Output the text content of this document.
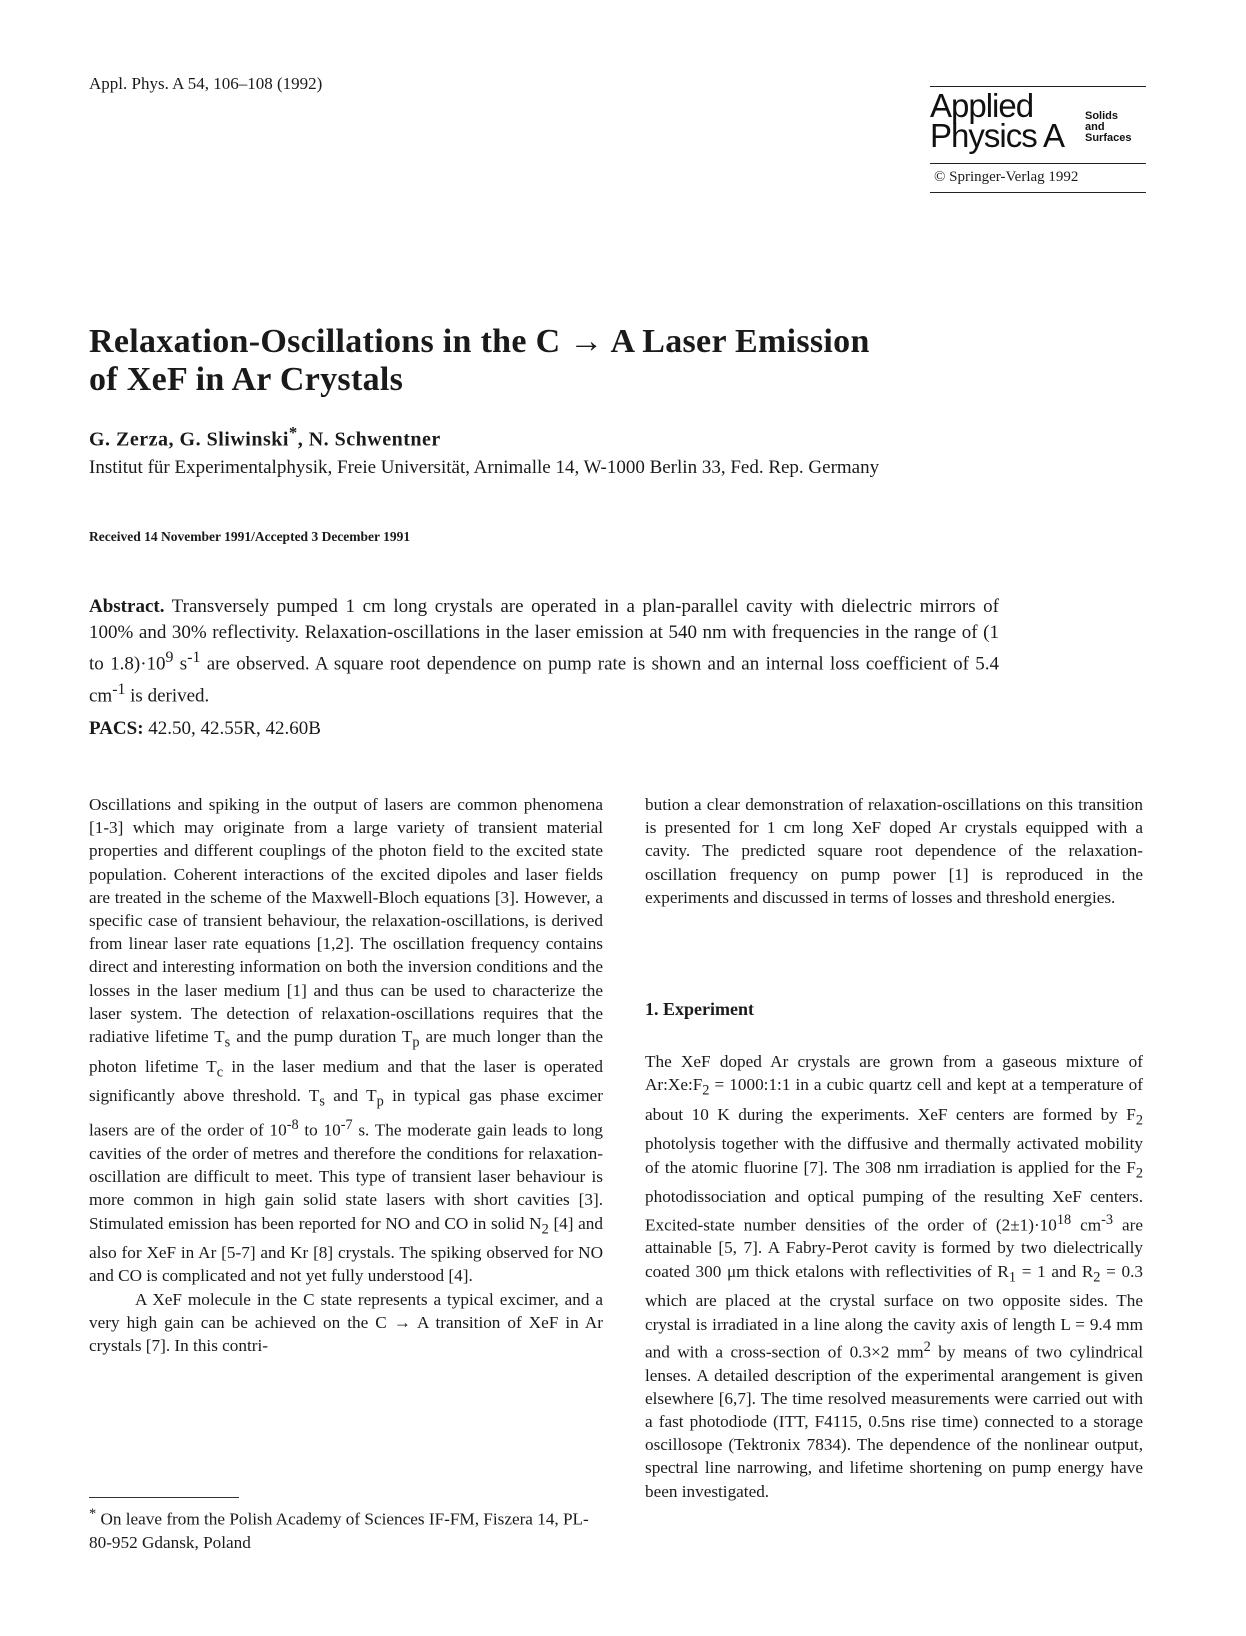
Appl. Phys. A 54, 106–108 (1992)
Applied
Physics A
Solids
and
Surfaces
© Springer-Verlag 1992
Relaxation-Oscillations in the C → A Laser Emission
of XeF in Ar Crystals
G. Zerza, G. Sliwinski*, N. Schwentner
Institut für Experimentalphysik, Freie Universität, Arnimalle 14, W-1000 Berlin 33, Fed. Rep. Germany
Received 14 November 1991/Accepted 3 December 1991
Abstract. Transversely pumped 1 cm long crystals are operated in a plan-parallel cavity with dielectric mirrors of 100% and 30% reflectivity. Relaxation-oscillations in the laser emission at 540 nm with frequencies in the range of (1 to $1.8)\cdot 10^9$ $s^{-1}$ are observed. A square root dependence on pump rate is shown and an internal loss coefficient of 5.4 $cm^{-1}$ is derived.
PACS: 42.50, 42.55R, 42.60B

Oscillations and spiking in the output of lasers are common phenomena [1-3] which may originate from a large variety of transient material properties and different couplings of the photon field to the excited state population. Coherent interactions of the excited dipoles and laser fields are treated in the scheme of the Maxwell-Bloch equations [3]. However, a specific case of transient behaviour, the relaxation-oscillations, is derived from linear laser rate equations [1,2]. The oscillation frequency contains direct and interesting information on both the inversion conditions and the losses in the laser medium [1] and thus can be used to characterize the laser system. The detection of relaxation-oscillations requires that the radiative lifetime $T_s$ and the pump duration $T_p$ are much longer than the photon lifetime $T_c$ in the laser medium and that the laser is operated significantly above threshold. $T_s$ and $T_p$ in typical gas phase excimer lasers are of the order of $10^{-8}$ to $10^{-7}$ s. The moderate gain leads to long cavities of the order of metres and therefore the conditions for relaxation-oscillation are difficult to meet. This type of transient laser behaviour is more common in high gain solid state lasers with short cavities [3]. Stimulated emission has been reported for NO and CO in solid $N_2$ [4] and also for XeF in Ar [5-7] and Kr [8] crystals. The spiking observed for NO and CO is complicated and not yet fully understood [4].

A XeF molecule in the C state represents a typical excimer, and a very high gain can be achieved on the C → A transition of XeF in Ar crystals [7]. In this contri-

bution a clear demonstration of relaxation-oscillations on this transition is presented for 1 cm long XeF doped Ar crystals equipped with a cavity. The predicted square root dependence of the relaxation-oscillation frequency on pump power [1] is reproduced in the experiments and discussed in terms of losses and threshold energies.

1. Experiment

The XeF doped Ar crystals are grown from a gaseous mixture of $Ar:Xe:F_2$ = 1000:1:1 in a cubic quartz cell and kept at a temperature of about 10 K during the experiments. XeF centers are formed by $F_2$ photolysis together with the diffusive and thermally activated mobility of the atomic fluorine [7]. The 308 nm irradiation is applied for the $F_2$ photodissociation and optical pumping of the resulting XeF centers. Excited-state number densities of the order of $(2\pm 1)\cdot 10^{18}$ $cm^{-3}$ are attainable [5, 7]. A Fabry-Perot cavity is formed by two dielectrically coated 300 μm thick etalons with reflectivities of $R_1 = 1$ and $R_2 = 0.3$ which are placed at the crystal surface on two opposite sides. The crystal is irradiated in a line along the cavity axis of length L = 9.4 mm and with a cross-section of 0.3×2 $mm^2$ by means of two cylindrical lenses. A detailed description of the experimental arangement is given elsewhere [6,7]. The time resolved measurements were carried out with a fast photodiode (ITT, F4115, 0.5ns rise time) connected to a storage oscillosope (Tektronix 7834). The dependence of the nonlinear output, spectral line narrowing, and lifetime shortening on pump energy have been investigated.

* On leave from the Polish Academy of Sciences IF-FM, Fiszera 14, PL-80-952 Gdansk, Poland
